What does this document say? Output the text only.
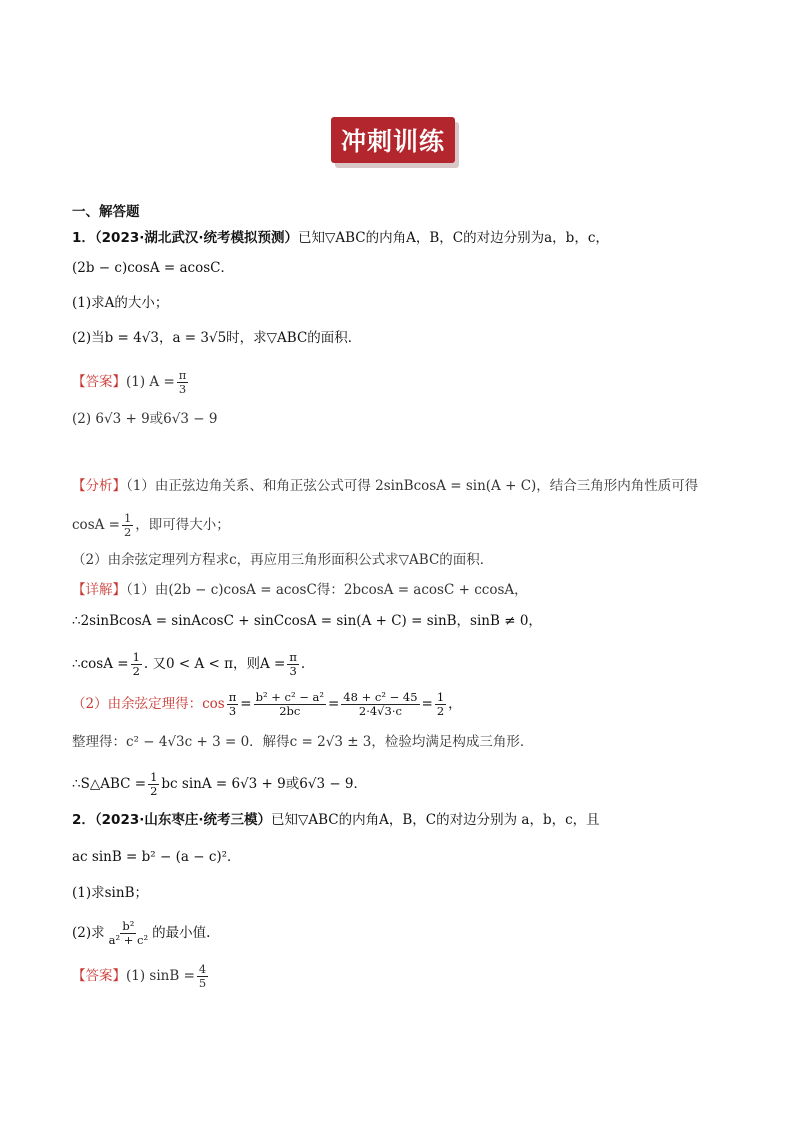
冲刺训练
一、解答题
1．（2023·湖北武汉·统考模拟预测）已知▽ABC的内角A，B，C的对边分别为a，b，c，
(2b − c)cosA = acosC．
(1)求A的大小；
(2)当b = 4√3，a = 3√5时，求▽ABC的面积．
【答案】(1) $A = \frac{\pi}{3}$
(2) 6√3 + 9或6√3 − 9
【分析】（1）由正弦边角关系、和角正弦公式可得 2sinBcosA = sin(A + C)，结合三角形内角性质可得
$\cos A = \frac{1}{2}$ ，即可得大小；
（2）由余弦定理列方程求c，再应用三角形面积公式求▽ABC的面积．
【详解】（1）由(2b − c)cosA = acosC得：2bcosA = acosC + ccosA，
∴2sinBcosA = sinAcosC + sinCcosA = sin(A + C) = sinB，sinB ≠ 0，
∴cosA = $\frac{1}{2}$ . 又0 < A < π，则$A = \frac{\pi}{3}$ .
（2）由余弦定理得：$\cos \frac{\pi}{3} = \frac{\text{b² + c² − a²}}{2bc} = \frac{\text{48 + c² − 45}}{2\cdot 4√3\cdot c} = \frac{1}{2}$ ，
整理得：c² − 4√3c + 3 = 0．解得c = 2√3 ± 3，检验均满足构成三角形．
∴S△ABC = $\frac{1}{2}$ bc sinA = 6√3 + 9或6√3 − 9．
2．（2023·山东枣庄·统考三模）已知▽ABC的内角A，B，C的对边分别为 a，b，c，且
ac sinB = b² − (a − c)²．
(1)求sinB；
(2)求 $\frac{\text{b²}}{\text{a² + c²}}$ 的最小值.
【答案】(1) $\sin B = \frac{4}{5}$
